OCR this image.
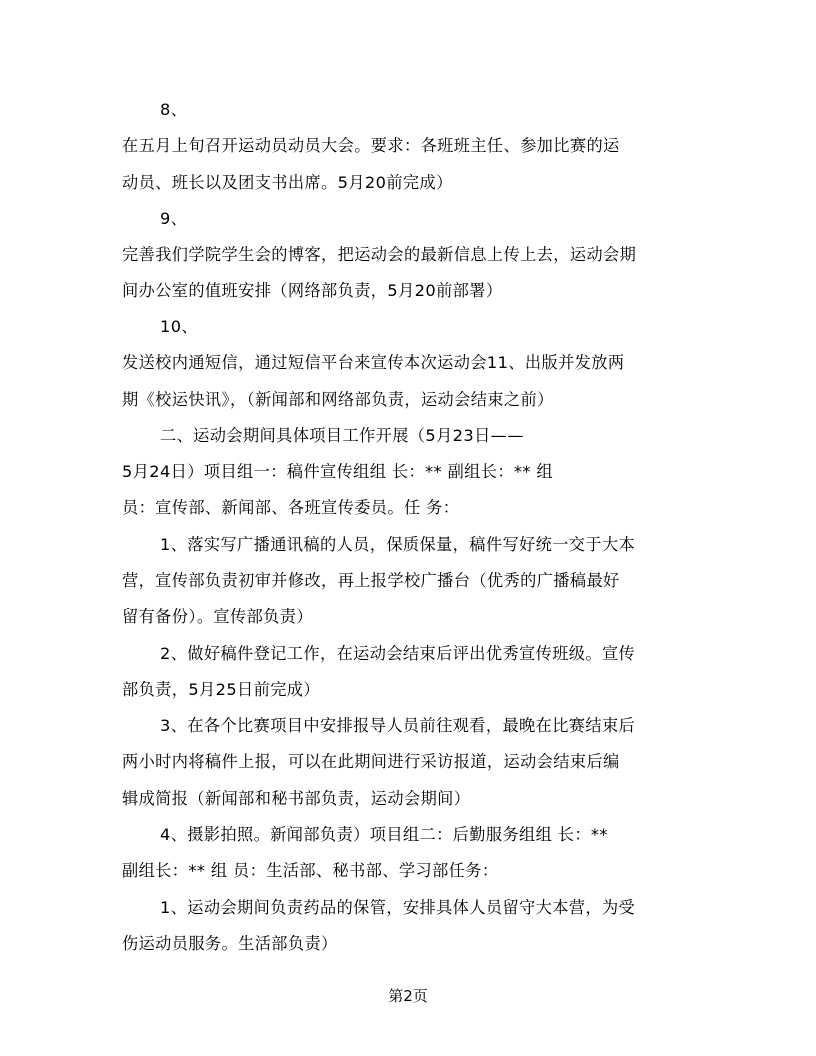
8、
在五月上旬召开运动员动员大会。要求：各班班主任、参加比赛的运
动员、班长以及团支书出席。5月20前完成）
9、
完善我们学院学生会的博客，把运动会的最新信息上传上去，运动会期
间办公室的值班安排（网络部负责，5月20前部署）
10、
发送校内通短信，通过短信平台来宣传本次运动会11、出版并发放两
期《校运快讯》，（新闻部和网络部负责，运动会结束之前）
二、运动会期间具体项目工作开展（5月23日——
5月24日）项目组一：稿件宣传组组 长：** 副组长：** 组
员：宣传部、新闻部、各班宣传委员。任 务：
1、落实写广播通讯稿的人员，保质保量，稿件写好统一交于大本
营，宣传部负责初审并修改，再上报学校广播台（优秀的广播稿最好
留有备份）。宣传部负责）
2、做好稿件登记工作，在运动会结束后评出优秀宣传班级。宣传
部负责，5月25日前完成）
3、在各个比赛项目中安排报导人员前往观看，最晚在比赛结束后
两小时内将稿件上报，可以在此期间进行采访报道，运动会结束后编
辑成简报（新闻部和秘书部负责，运动会期间）
4、摄影拍照。新闻部负责）项目组二：后勤服务组组 长：**
副组长：** 组 员：生活部、秘书部、学习部任务：
1、运动会期间负责药品的保管，安排具体人员留守大本营，为受
伤运动员服务。生活部负责）
第2页
